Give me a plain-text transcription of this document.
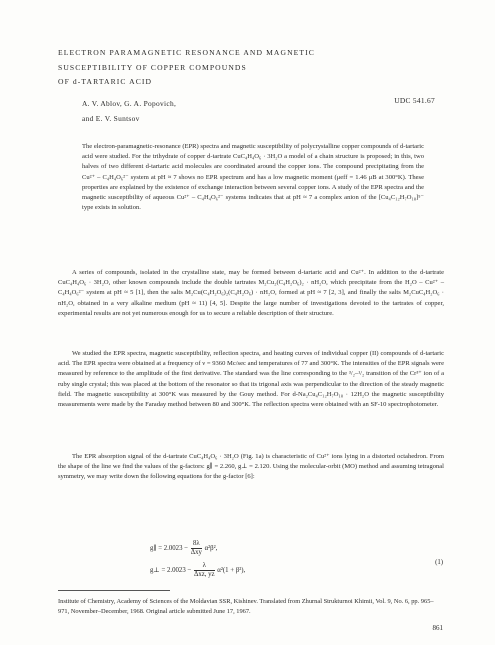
ELECTRON PARAMAGNETIC RESONANCE AND MAGNETIC
SUSCEPTIBILITY OF COPPER COMPOUNDS
OF d-TARTARIC ACID
A. V. Ablov, G. A. Popovich,
and E. V. Suntsov
UDC 541.67
The electron-paramagnetic-resonance (EPR) spectra and magnetic susceptibility of polycrystalline copper compounds of d-tartaric acid were studied. For the trihydrate of copper d-tartrate CuC₄H₄O₆ · 3H₂O a model of a chain structure is proposed; in this, two halves of two different d-tartaric acid molecules are coordinated around the copper ions. The compound precipitating from the Cu²⁺ – C₄H₄O₆²⁻ system at pH ≈ 7 shows no EPR spectrum and has a low magnetic moment (μeff = 1.46 μB at 300°K). These properties are explained by the existence of exchange interaction between several copper ions. A study of the EPR spectra and the magnetic susceptibility of aqueous Cu²⁺ – C₄H₄O₆²⁻ systems indicates that at pH ≈ 7 a complex anion of the [Cu₄C₁₂H₇O₁₈]⁵⁻ type exists in solution.

A series of compounds, isolated in the crystalline state, may be formed between d-tartaric acid and Cu²⁺. In addition to the d-tartrate CuC₄H₄O₆ · 3H₂O, other known compounds include the double tartrates M₂Cu₂(C₄H₂O₆)₂ · nH₂O, which precipitate from the H₂O – Cu²⁺ – C₄H₄O₆²⁻ system at pH ≈ 5 [1], then the salts M₂Cu(C₄H₂O₆)₂(C₄H₂O₆) · nH₂O, formed at pH ≈ 7 [2, 3], and finally the salts M₂CuC₄H₂O₆ · nH₂O, obtained in a very alkaline medium (pH ≈ 11) [4, 5]. Despite the large number of investigations devoted to the tartrates of copper, experimental results are not yet numerous enough for us to secure a reliable description of their structure.

We studied the EPR spectra, magnetic susceptibility, reflection spectra, and heating curves of individual copper (II) compounds of d-tartaric acid. The EPR spectra were obtained at a frequency of ν = 9360 Mc/sec and temperatures of 77 and 300°K. The intensities of the EPR signals were measured by reference to the amplitude of the first derivative. The standard was the line corresponding to the ³/₂–¹/₂ transition of the Cr³⁺ ion of a ruby single crystal; this was placed at the bottom of the resonator so that its trigonal axis was perpendicular to the direction of the steady magnetic field. The magnetic susceptibility at 300°K was measured by the Gouy method. For d-Na₂Cu₄C₁₂H₇O₁₈ · 12H₂O the magnetic susceptibility measurements were made by the Faraday method between 80 and 300°K. The reflection spectra were obtained with an SF-10 spectrophotometer.

The EPR absorption signal of the d-tartrate CuC₄H₄O₆ · 3H₂O (Fig. 1a) is characteristic of Cu²⁺ ions lying in a distorted octahedron. From the shape of the line we find the values of the g-factors: g∥ = 2.260, g⊥ = 2.120. Using the molecular-orbit (MO) method and assuming tetragonal symmetry, we may write down the following equations for the g-factor [6]:

g∥ = $2.0023 - \frac{8\lambda}{\text{Δxy}} \alpha^2\beta^2$,
g⊥ = $2.0023 - \frac{\lambda}{\text{Δxz, yz}} \alpha^2(1 + \beta^2)$,
(1)
Institute of Chemistry, Academy of Sciences of the Moldavian SSR, Kishinev. Translated from Zhurnal Strukturnoi Khimii, Vol. 9, No. 6, pp. 965–971, November–December, 1968. Original article submitted June 17, 1967.
861
